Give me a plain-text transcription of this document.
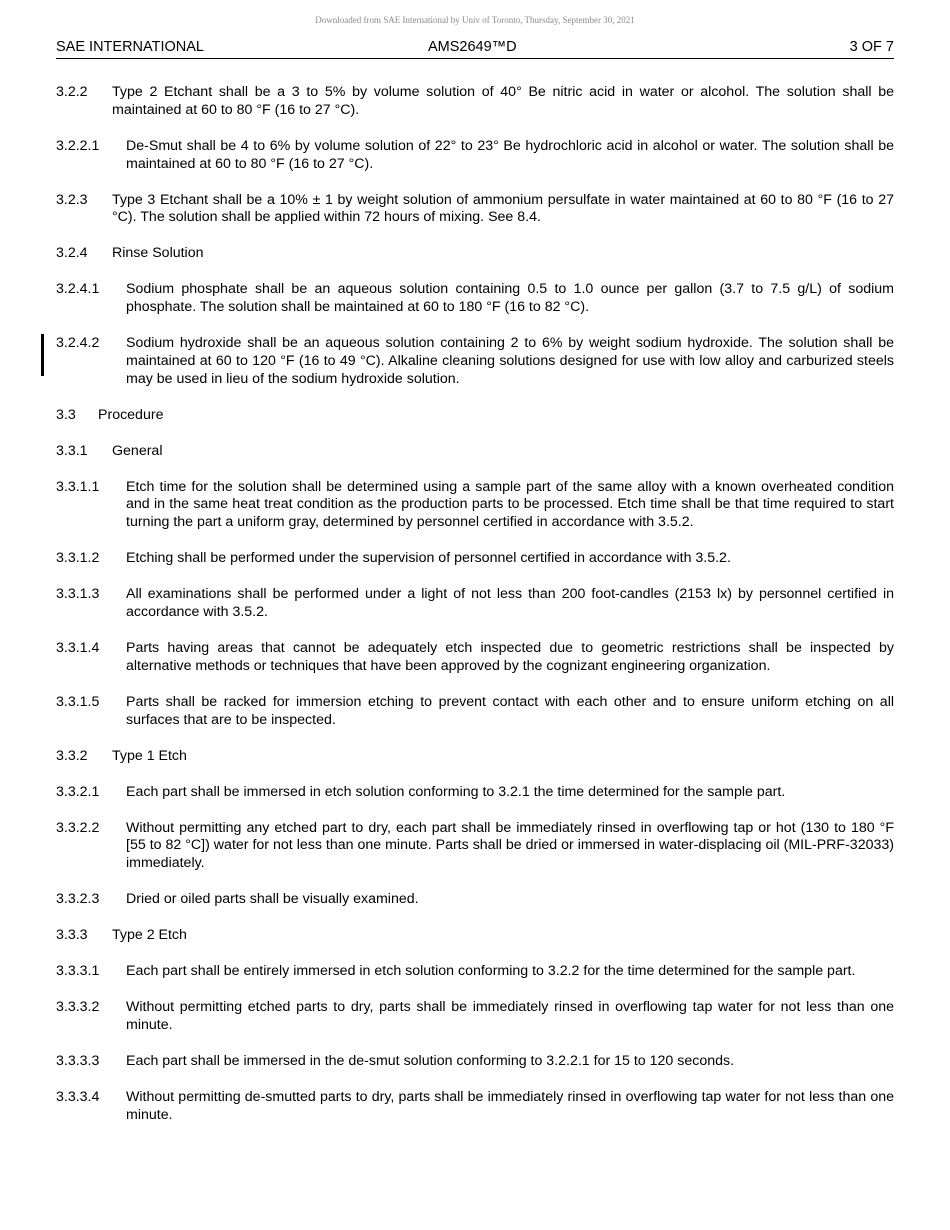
Downloaded from SAE International by Univ of Toronto, Thursday, September 30, 2021
SAE INTERNATIONAL	AMS2649™D	3 OF 7
3.2.2	Type 2 Etchant shall be a 3 to 5% by volume solution of 40° Be nitric acid in water or alcohol. The solution shall be maintained at 60 to 80 °F (16 to 27 °C).
3.2.2.1	De-Smut shall be 4 to 6% by volume solution of 22° to 23° Be hydrochloric acid in alcohol or water. The solution shall be maintained at 60 to 80 °F (16 to 27 °C).
3.2.3	Type 3 Etchant shall be a 10% ± 1 by weight solution of ammonium persulfate in water maintained at 60 to 80 °F (16 to 27 °C). The solution shall be applied within 72 hours of mixing. See 8.4.
3.2.4	Rinse Solution
3.2.4.1	Sodium phosphate shall be an aqueous solution containing 0.5 to 1.0 ounce per gallon (3.7 to 7.5 g/L) of sodium phosphate. The solution shall be maintained at 60 to 180 °F (16 to 82 °C).
3.2.4.2	Sodium hydroxide shall be an aqueous solution containing 2 to 6% by weight sodium hydroxide. The solution shall be maintained at 60 to 120 °F (16 to 49 °C). Alkaline cleaning solutions designed for use with low alloy and carburized steels may be used in lieu of the sodium hydroxide solution.
3.3	Procedure
3.3.1	General
3.3.1.1	Etch time for the solution shall be determined using a sample part of the same alloy with a known overheated condition and in the same heat treat condition as the production parts to be processed. Etch time shall be that time required to start turning the part a uniform gray, determined by personnel certified in accordance with 3.5.2.
3.3.1.2	Etching shall be performed under the supervision of personnel certified in accordance with 3.5.2.
3.3.1.3	All examinations shall be performed under a light of not less than 200 foot-candles (2153 lx) by personnel certified in accordance with 3.5.2.
3.3.1.4	Parts having areas that cannot be adequately etch inspected due to geometric restrictions shall be inspected by alternative methods or techniques that have been approved by the cognizant engineering organization.
3.3.1.5	Parts shall be racked for immersion etching to prevent contact with each other and to ensure uniform etching on all surfaces that are to be inspected.
3.3.2	Type 1 Etch
3.3.2.1	Each part shall be immersed in etch solution conforming to 3.2.1 the time determined for the sample part.
3.3.2.2	Without permitting any etched part to dry, each part shall be immediately rinsed in overflowing tap or hot (130 to 180 °F [55 to 82 °C]) water for not less than one minute. Parts shall be dried or immersed in water-displacing oil (MIL-PRF-32033) immediately.
3.3.2.3	Dried or oiled parts shall be visually examined.
3.3.3	Type 2 Etch
3.3.3.1	Each part shall be entirely immersed in etch solution conforming to 3.2.2 for the time determined for the sample part.
3.3.3.2	Without permitting etched parts to dry, parts shall be immediately rinsed in overflowing tap water for not less than one minute.
3.3.3.3	Each part shall be immersed in the de-smut solution conforming to 3.2.2.1 for 15 to 120 seconds.
3.3.3.4	Without permitting de-smutted parts to dry, parts shall be immediately rinsed in overflowing tap water for not less than one minute.
